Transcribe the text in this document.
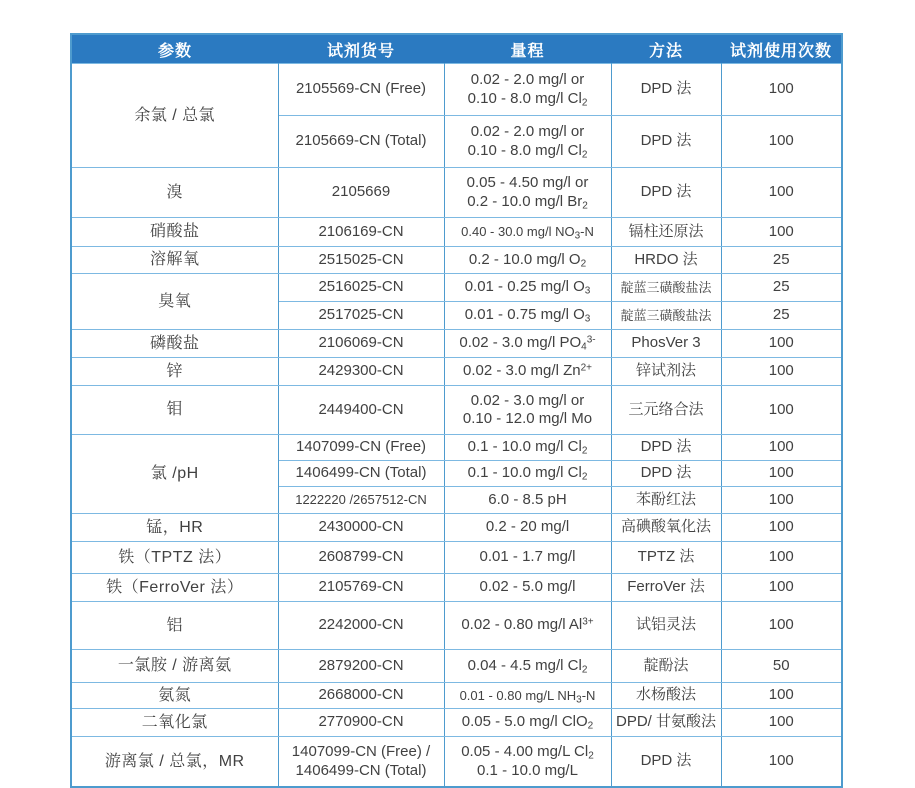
参数	试剂货号	量程	方法	试剂使用次数
余氯 / 总氯	2105569-CN (Free)	0.02 - 2.0 mg/l or
0.10 - 8.0 mg/l $Cl_2$	DPD 法	100

	2105669-CN (Total)	0.02 - 2.0 mg/l or
0.10 - 8.0 mg/l $Cl_2$	DPD 法	100
溴	2105669	0.05 - 4.50 mg/l or
0.2 - 10.0 mg/l $Br_2$	DPD 法	100
硝酸盐	2106169-CN	0.40 - 30.0 mg/l $NO_3-N$	镉柱还原法	100
溶解氧	2515025-CN	0.2 - 10.0 mg/l $O_2$	HRDO 法	25
臭氧	2516025-CN	0.01 - 0.25 mg/l $O_3$	靛蓝三磺酸盐法	25

	2517025-CN	0.01 - 0.75 mg/l $O_3$	靛蓝三磺酸盐法	25
磷酸盐	2106069-CN	0.02 - 3.0 mg/l $PO_4^{3-}$	PhosVer 3	100
锌	2429300-CN	0.02 - 3.0 mg/l $Zn^{2+}$	锌试剂法	100
钼	2449400-CN	0.02 - 3.0 mg/l or
0.10 - 12.0 mg/l Mo	三元络合法	100
氯 /pH	1407099-CN (Free)	0.1 - 10.0 mg/l $Cl_2$	DPD 法	100

	1406499-CN (Total)	0.1 - 10.0 mg/l $Cl_2$	DPD 法	100

	1222220 /2657512-CN	6.0 - 8.5 pH	苯酚红法	100
锰，HR	2430000-CN	0.2 - 20 mg/l	高碘酸氧化法	100
铁（TPTZ 法）	2608799-CN	0.01 - 1.7 mg/l	TPTZ 法	100
铁（FerroVer 法）	2105769-CN	0.02 - 5.0 mg/l	FerroVer 法	100
铝	2242000-CN	0.02 - 0.80 mg/l $Al^{3+}$	试铝灵法	100
一氯胺 / 游离氨	2879200-CN	0.04 - 4.5 mg/l $Cl_2$	靛酚法	50
氨氮	2668000-CN	0.01 - 0.80 mg/L $NH_3-N$	水杨酸法	100
二氧化氯	2770900-CN	0.05 - 5.0 mg/l ClO$_2$	DPD/ 甘氨酸法	100
游离氯 / 总氯，MR	1407099-CN (Free) /
1406499-CN (Total)	0.05 - 4.00 mg/L $Cl_2$
0.1 - 10.0 mg/L	DPD 法	100
